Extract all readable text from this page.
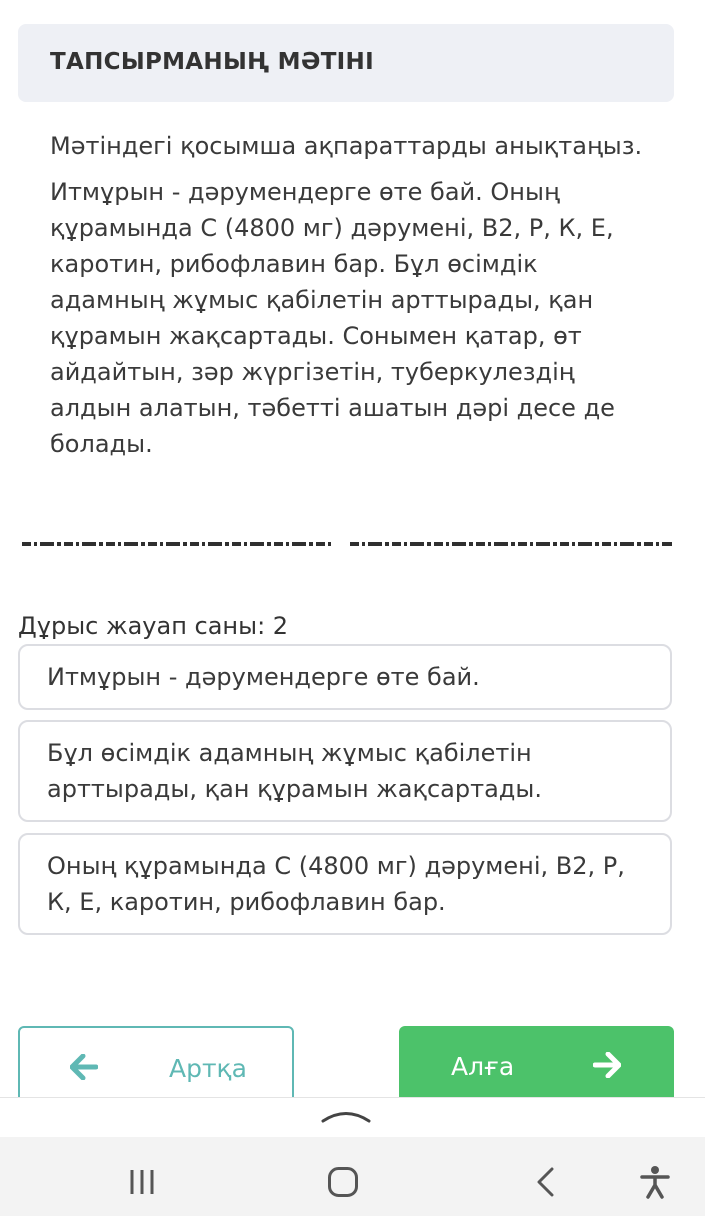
ТАПСЫРМАНЫҢ МӘТІНІ

Мәтіндегі қосымша ақпараттарды анықтаңыз.

Итмұрын - дәрумендерге өте бай. Оның құрамында С (4800 мг) дәрумені, В2, Р, К, Е, каротин, рибофлавин бар. Бұл өсімдік адамның жұмыс қабілетін арттырады, қан құрамын жақсартады. Сонымен қатар, өт айдайтын, зәр жүргізетін, туберкулездің алдын алатын, тәбетті ашатын дәрі десе де болады.

Дұрыс жауап саны: 2
Итмұрын - дәрумендерге өте бай.
Бұл өсімдік адамның жұмыс қабілетін арттырады, қан құрамын жақсартады.
Оның құрамында С (4800 мг) дәрумені, В2, Р, К, Е, каротин, рибофлавин бар.
Артқа	Алға
